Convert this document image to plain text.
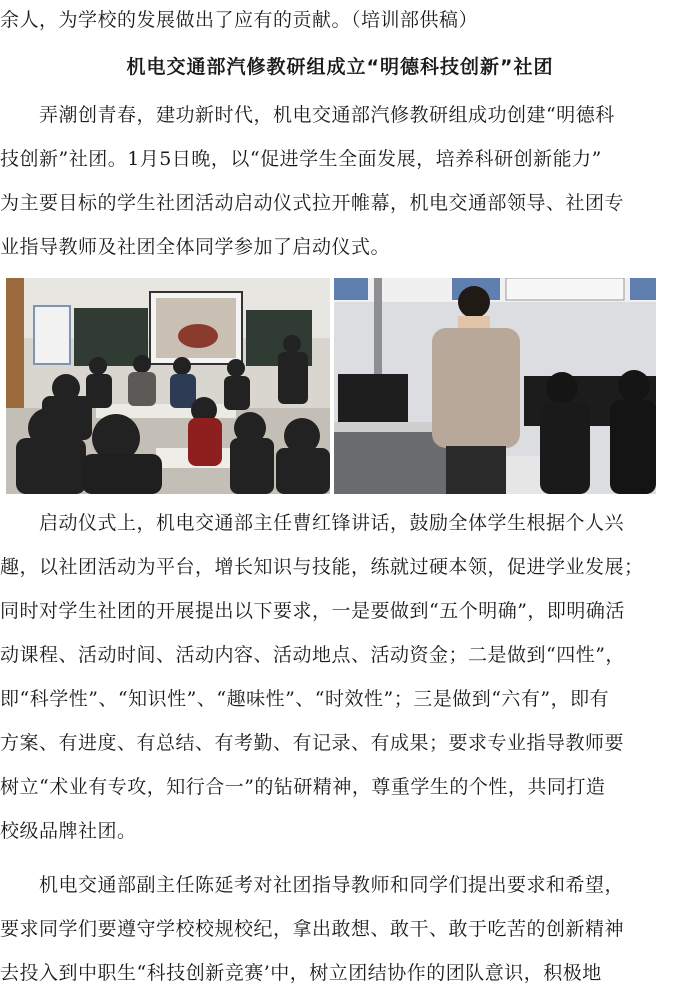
余人，为学校的发展做出了应有的贡献。（培训部供稿）
机电交通部汽修教研组成立“明德科技创新”社团
　　弄潮创青春，建功新时代，机电交通部汽修教研组成功创建“明德科
技创新”社团。1月5日晚，以“促进学生全面发展，培养科研创新能力”
为主要目标的学生社团活动启动仪式拉开帷幕，机电交通部领导、社团专
业指导教师及社团全体同学参加了启动仪式。
　　启动仪式上，机电交通部主任曹红锋讲话，鼓励全体学生根据个人兴
趣，以社团活动为平台，增长知识与技能，练就过硬本领，促进学业发展；
同时对学生社团的开展提出以下要求，一是要做到“五个明确”，即明确活
动课程、活动时间、活动内容、活动地点、活动资金；二是做到“四性”，
即“科学性”、“知识性”、“趣味性”、“时效性”；三是做到“六有”，即有
方案、有进度、有总结、有考勤、有记录、有成果；要求专业指导教师要
树立“术业有专攻，知行合一”的钻研精神，尊重学生的个性，共同打造
校级品牌社团。
　　机电交通部副主任陈延考对社团指导教师和同学们提出要求和希望，
要求同学们要遵守学校校规校纪，拿出敢想、敢干、敢于吃苦的创新精神
去投入到中职生“科技创新竞赛’中，树立团结协作的团队意识，积极地
